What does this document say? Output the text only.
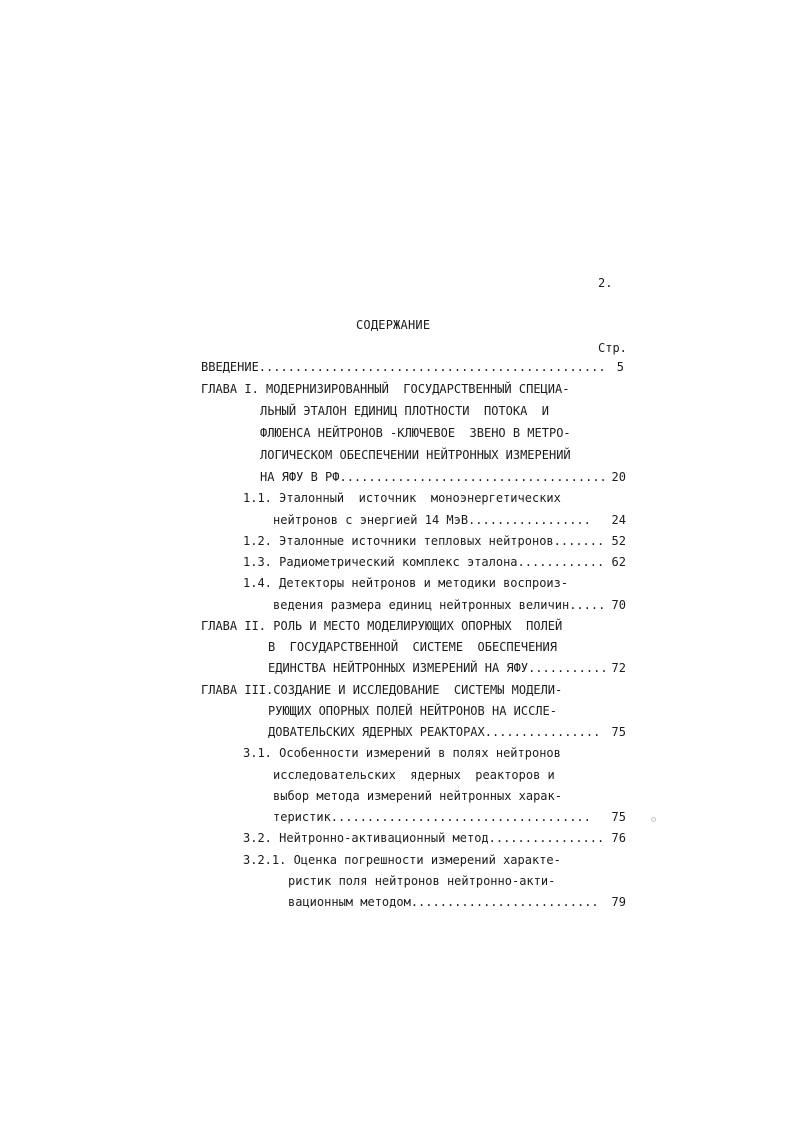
2.
СОДЕРЖАНИЕ
Стр.
ВВЕДЕНИЕ................................................ 5
ГЛАВА I. МОДЕРНИЗИРОВАННЫЙ  ГОСУДАРСТВЕННЫЙ СПЕЦИА-
ЛЬНЫЙ ЭТАЛОН ЕДИНИЦ ПЛОТНОСТИ  ПОТОКА  И
ФЛЮЕНСА НЕЙТРОНОВ -КЛЮЧЕВОЕ  ЗВЕНО В МЕТРО-
ЛОГИЧЕСКОМ ОБЕСПЕЧЕНИИ НЕЙТРОННЫХ ИЗМЕРЕНИЙ
НА ЯФУ В РФ..................................... 20
1.1. Эталонный  источник  моноэнергетических
нейтронов с энергией 14 МэВ.................	24
1.2. Эталонные источники тепловых нейтронов....... 52
1.3. Радиометрический комплекс эталона............ 62
1.4. Детекторы нейтронов и методики воспроиз-
ведения размера единиц нейтронных величин..... 70
ГЛАВА II. РОЛЬ И МЕСТО МОДЕЛИРУЮЩИХ ОПОРНЫХ  ПОЛЕЙ
В  ГОСУДАРСТВЕННОЙ  СИСТЕМЕ  ОБЕСПЕЧЕНИЯ
ЕДИНСТВА НЕЙТРОННЫХ ИЗМЕРЕНИЙ НА ЯФУ........... 72
ГЛАВА III.СОЗДАНИЕ И ИССЛЕДОВАНИЕ  СИСТЕМЫ МОДЕЛИ-
РУЮЩИХ ОПОРНЫХ ПОЛЕЙ НЕЙТРОНОВ НА ИССЛЕ-
ДОВАТЕЛЬСКИХ ЯДЕРНЫХ РЕАКТОРАХ................ 75
3.1. Особенности измерений в полях нейтронов
исследовательских  ядерных  реакторов и
выбор метода измерений нейтронных харак-
теристик....................................	75
3.2. Нейтронно-активационный метод................ 76
3.2.1. Оценка погрешности измерений характе-
ристик поля нейтронов нейтронно-акти-
вационным методом..........................	79
